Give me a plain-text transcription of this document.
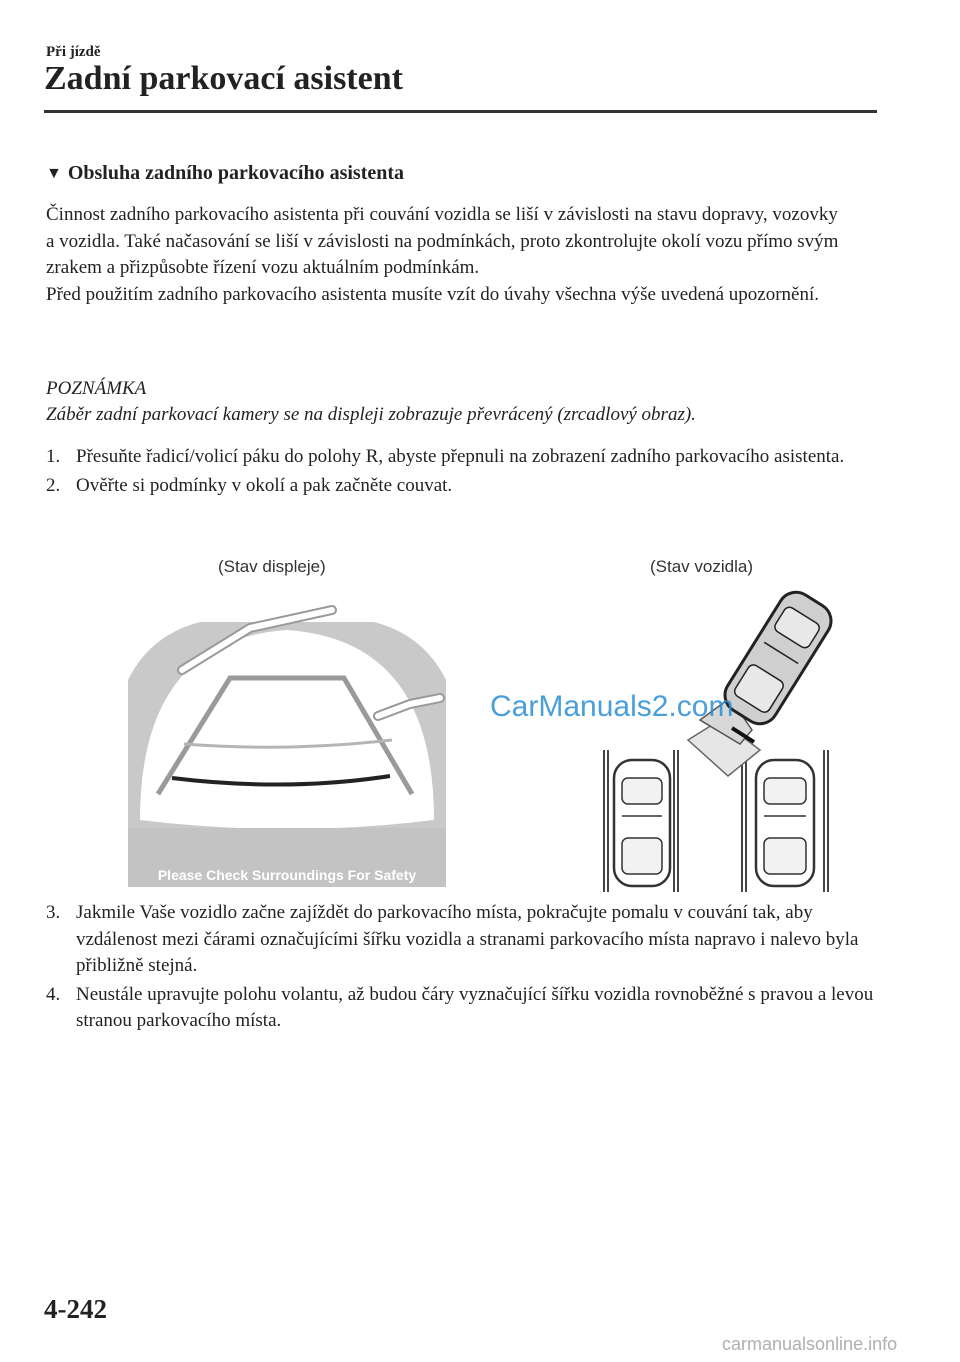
Při jízdě
Zadní parkovací asistent
▼ Obsluha zadního parkovacího asistenta
Činnost zadního parkovacího asistenta při couvání vozidla se liší v závislosti na stavu dopravy, vozovky a vozidla. Také načasování se liší v závislosti na podmínkách, proto zkontrolujte okolí vozu přímo svým zrakem a přizpůsobte řízení vozu aktuálním podmínkám.
Před použitím zadního parkovacího asistenta musíte vzít do úvahy všechna výše uvedená upozornění.
POZNÁMKA
Záběr zadní parkovací kamery se na displeji zobrazuje převrácený (zrcadlový obraz).
1. Přesuňte řadicí/volicí páku do polohy R, abyste přepnuli na zobrazení zadního parkovacího asistenta.
2. Ověřte si podmínky v okolí a pak začněte couvat.
(Stav displeje)	(Stav vozidla)
Please Check Surroundings For Safety
CarManuals2.com
3. Jakmile Vaše vozidlo začne zajíždět do parkovacího místa, pokračujte pomalu v couvání tak, aby vzdálenost mezi čárami označujícími šířku vozidla a stranami parkovacího místa napravo i nalevo byla přibližně stejná.
4. Neustále upravujte polohu volantu, až budou čáry vyznačující šířku vozidla rovnoběžné s pravou a levou stranou parkovacího místa.
4-242
carmanualsonline.info
